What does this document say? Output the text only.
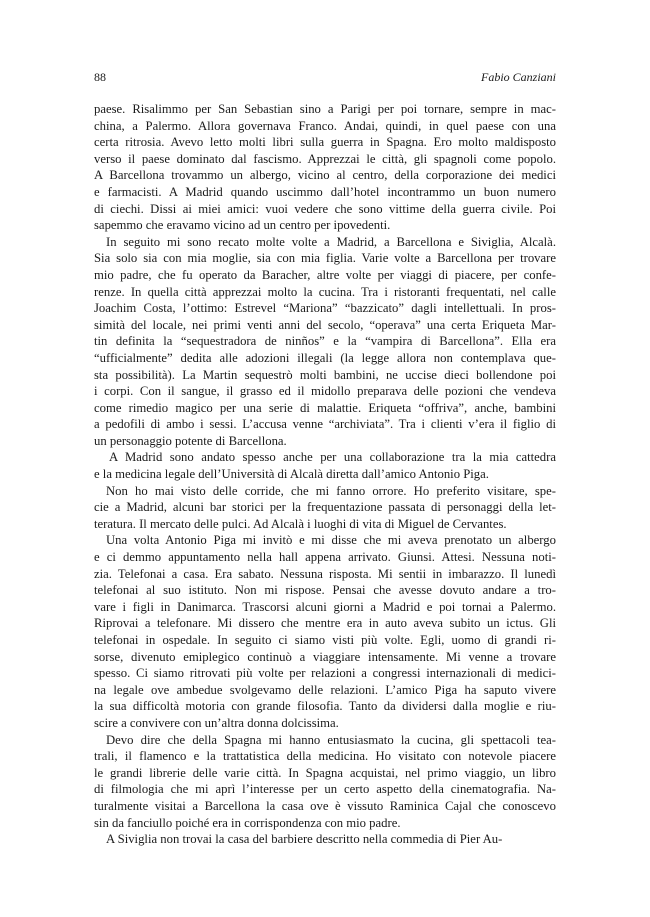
88	Fabio Canziani

paese. Risalimmo per San Sebastian sino a Parigi per poi tornare, sempre in mac-
china, a Palermo. Allora governava Franco. Andai, quindi, in quel paese con una
certa ritrosia. Avevo letto molti libri sulla guerra in Spagna. Ero molto maldisposto
verso il paese dominato dal fascismo. Apprezzai le città, gli spagnoli come popolo.
A Barcellona trovammo un albergo, vicino al centro, della corporazione dei medici
e farmacisti. A Madrid quando uscimmo dall’hotel incontrammo un buon numero
di ciechi. Dissi ai miei amici: vuoi vedere che sono vittime della guerra civile. Poi
sapemmo che eravamo vicino ad un centro per ipovedenti.

In seguito mi sono recato molte volte a Madrid, a Barcellona e Siviglia, Alcalà.
Sia solo sia con mia moglie, sia con mia figlia. Varie volte a Barcellona per trovare
mio padre, che fu operato da Baracher, altre volte per viaggi di piacere, per confe-
renze. In quella città apprezzai molto la cucina. Tra i ristoranti frequentati, nel calle
Joachim Costa, l’ottimo: Estrevel “Mariona” “bazzicato” dagli intellettuali. In pros-
simità del locale, nei primi venti anni del secolo, “operava” una certa Eriqueta Mar-
tin definita la “sequestradora de ninños” e la “vampira di Barcellona”. Ella era
“ufficialmente” dedita alle adozioni illegali (la legge allora non contemplava que-
sta possibilità). La Martin sequestrò molti bambini, ne uccise dieci bollendone poi
i corpi. Con il sangue, il grasso ed il midollo preparava delle pozioni che vendeva
come rimedio magico per una serie di malattie. Eriqueta “offriva”, anche, bambini
a pedofili di ambo i sessi. L’accusa venne “archiviata”. Tra i clienti v’era il figlio di
un personaggio potente di Barcellona.

A Madrid sono andato spesso anche per una collaborazione tra la mia cattedra
e la medicina legale dell’Università di Alcalà diretta dall’amico Antonio Piga.

Non ho mai visto delle corride, che mi fanno orrore. Ho preferito visitare, spe-
cie a Madrid, alcuni bar storici per la frequentazione passata di personaggi della let-
teratura. Il mercato delle pulci. Ad Alcalà i luoghi di vita di Miguel de Cervantes.

Una volta Antonio Piga mi invitò e mi disse che mi aveva prenotato un albergo
e ci demmo appuntamento nella hall appena arrivato. Giunsi. Attesi. Nessuna noti-
zia. Telefonai a casa. Era sabato. Nessuna risposta. Mi sentii in imbarazzo. Il lunedì
telefonai al suo istituto. Non mi rispose. Pensai che avesse dovuto andare a tro-
vare i figli in Danimarca. Trascorsi alcuni giorni a Madrid e poi tornai a Palermo.
Riprovai a telefonare. Mi dissero che mentre era in auto aveva subito un ictus. Gli
telefonai in ospedale. In seguito ci siamo visti più volte. Egli, uomo di grandi ri-
sorse, divenuto emiplegico continuò a viaggiare intensamente. Mi venne a trovare
spesso. Ci siamo ritrovati più volte per relazioni a congressi internazionali di medici-
na legale ove ambedue svolgevamo delle relazioni. L’amico Piga ha saputo vivere
la sua difficoltà motoria con grande filosofia. Tanto da dividersi dalla moglie e riu-
scire a convivere con un’altra donna dolcissima.

Devo dire che della Spagna mi hanno entusiasmato la cucina, gli spettacoli tea-
trali, il flamenco e la trattatistica della medicina. Ho visitato con notevole piacere
le grandi librerie delle varie città. In Spagna acquistai, nel primo viaggio, un libro
di filmologia che mi aprì l’interesse per un certo aspetto della cinematografia. Na-
turalmente visitai a Barcellona la casa ove è vissuto Raminica Cajal che conoscevo
sin da fanciullo poiché era in corrispondenza con mio padre.

A Siviglia non trovai la casa del barbiere descritto nella commedia di Pier Au-
